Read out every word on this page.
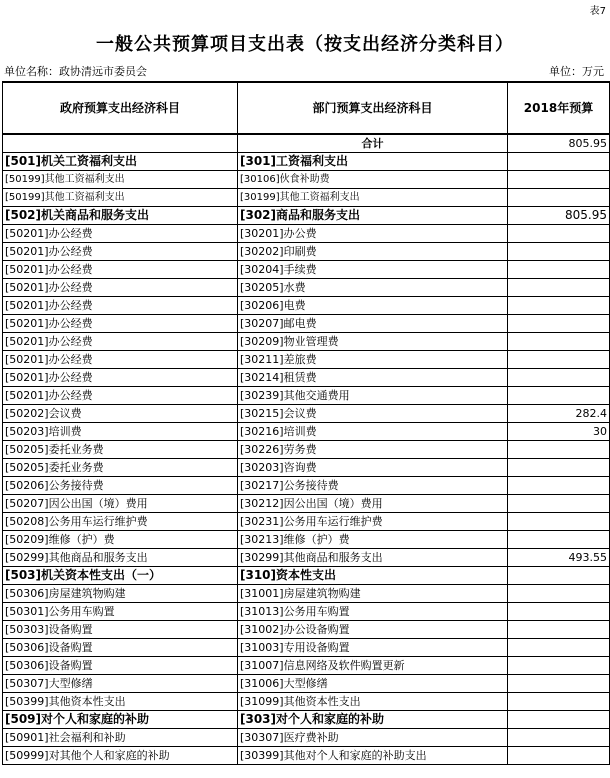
表7
一般公共预算项目支出表（按支出经济分类科目）
单位名称：政协清远市委员会	单位：万元
政府预算支出经济科目	部门预算支出经济科目	2018年预算
	合计	805.95
[501]机关工资福利支出	[301]工资福利支出	
[50199]其他工资福利支出	[30106]伙食补助费	
[50199]其他工资福利支出	[30199]其他工资福利支出	
[502]机关商品和服务支出	[302]商品和服务支出	805.95
[50201]办公经费	[30201]办公费	
[50201]办公经费	[30202]印刷费	
[50201]办公经费	[30204]手续费	
[50201]办公经费	[30205]水费	
[50201]办公经费	[30206]电费	
[50201]办公经费	[30207]邮电费	
[50201]办公经费	[30209]物业管理费	
[50201]办公经费	[30211]差旅费	
[50201]办公经费	[30214]租赁费	
[50201]办公经费	[30239]其他交通费用	
[50202]会议费	[30215]会议费	282.4
[50203]培训费	[30216]培训费	30
[50205]委托业务费	[30226]劳务费	
[50205]委托业务费	[30203]咨询费	
[50206]公务接待费	[30217]公务接待费	
[50207]因公出国（境）费用	[30212]因公出国（境）费用	
[50208]公务用车运行维护费	[30231]公务用车运行维护费	
[50209]维修（护）费	[30213]维修（护）费	
[50299]其他商品和服务支出	[30299]其他商品和服务支出	493.55
[503]机关资本性支出（一）	[310]资本性支出	
[50306]房屋建筑物购建	[31001]房屋建筑物购建	
[50301]公务用车购置	[31013]公务用车购置	
[50303]设备购置	[31002]办公设备购置	
[50306]设备购置	[31003]专用设备购置	
[50306]设备购置	[31007]信息网络及软件购置更新	
[50307]大型修缮	[31006]大型修缮	
[50399]其他资本性支出	[31099]其他资本性支出	
[509]对个人和家庭的补助	[303]对个人和家庭的补助	
[50901]社会福利和补助	[30307]医疗费补助	
[50999]对其他个人和家庭的补助	[30399]其他对个人和家庭的补助支出	
